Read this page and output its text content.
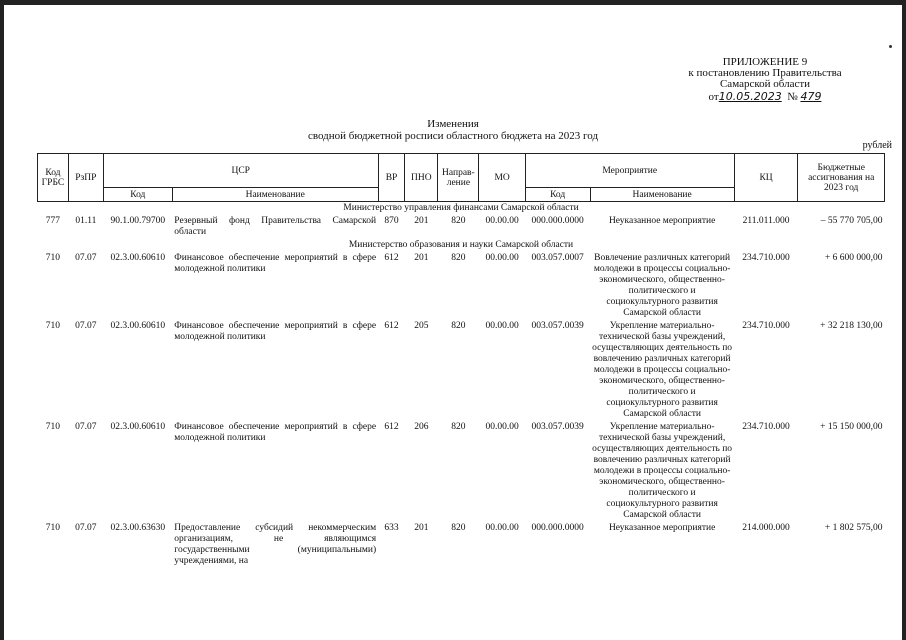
ПРИЛОЖЕНИЕ 9
к постановлению Правительства
Самарской области
от10.05.2023 № 479
Изменения
сводной бюджетной росписи областного бюджета на 2023 год
рублей
Код ГРБС	РзПР	ЦСР		ВР	ПНО	Направ-ление	МО	Мероприятие		КЦ	Бюджетные ассигнования на 2023 год
		Код	Наименование					Код	Наименование		
Министерство управления финансами Самарской области											
777	01.11	90.1.00.79700	Резервный фонд Правительства Самарской области	870	201	820	00.00.00	000.000.0000	Неуказанное мероприятие	211.011.000	– 55 770 705,00
Министерство образования и науки Самарской области											
710	07.07	02.3.00.60610	Финансовое обеспечение мероприятий в сфере молодежной политики	612	201	820	00.00.00	003.057.0007	Вовлечение различных категорий молодежи в процессы социально-экономического, общественно-политического и социокультурного развития Самарской области	234.710.000	+ 6 600 000,00
710	07.07	02.3.00.60610	Финансовое обеспечение мероприятий в сфере молодежной политики	612	205	820	00.00.00	003.057.0039	Укрепление материально-технической базы учреждений, осуществляющих деятельность по вовлечению различных категорий молодежи в процессы социально-экономического, общественно-политического и социокультурного развития Самарской области	234.710.000	+ 32 218 130,00
710	07.07	02.3.00.60610	Финансовое обеспечение мероприятий в сфере молодежной политики	612	206	820	00.00.00	003.057.0039	Укрепление материально-технической базы учреждений, осуществляющих деятельность по вовлечению различных категорий молодежи в процессы социально-экономического, общественно-политического и социокультурного развития Самарской области	234.710.000	+ 15 150 000,00
710	07.07	02.3.00.63630	Предоставление субсидий некоммерческим организациям, не являющимся государственными (муниципальными) учреждениями, на	633	201	820	00.00.00	000.000.0000	Неуказанное мероприятие	214.000.000	+ 1 802 575,00
